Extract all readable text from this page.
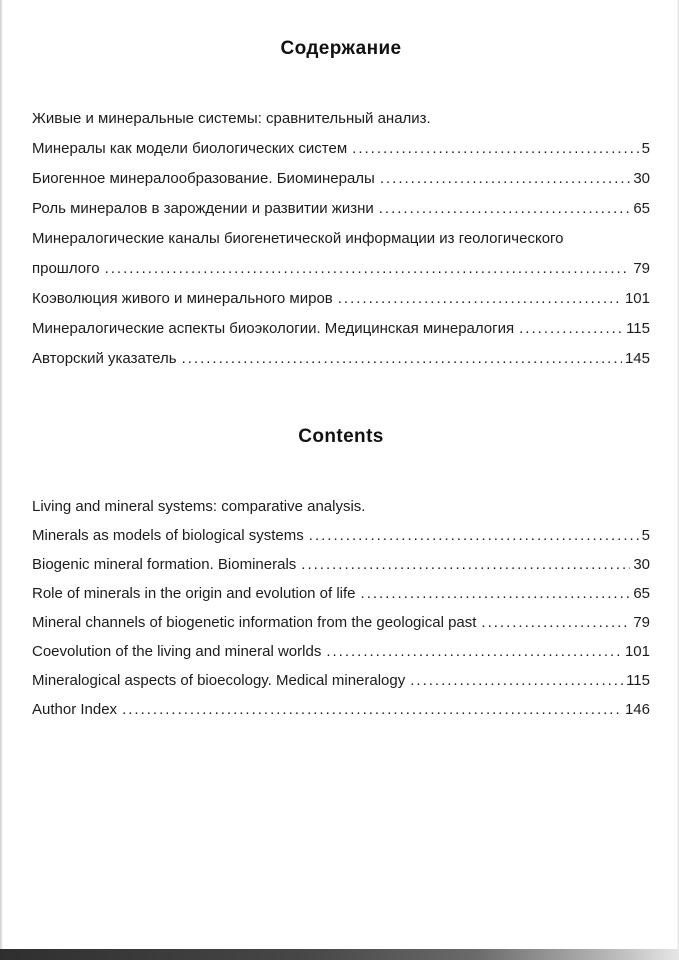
Содержание
Живые и минеральные системы: сравнительный анализ.
Минералы как модели биологических систем .....	5
Биогенное минералообразование. Биоминералы .....	30
Роль минералов в зарождении и развитии жизни .....	65
Минералогические каналы биогенетической информации из геологического
прошлого .....	79
Коэволюция живого и минерального миров .....	101
Минералогические аспекты биоэкологии. Медицинская минералогия .....	115
Авторский указатель .....	145
Contents
Living and mineral systems: comparative analysis.
Minerals as models of biological systems .....	5
Biogenic mineral formation. Biominerals .....	30
Role of minerals in the origin and evolution of life .....	65
Mineral channels of biogenetic information from the geological past .....	79
Coevolution of the living and mineral worlds .....	101
Mineralogical aspects of bioecology. Medical mineralogy .....	115
Author Index .....	146
